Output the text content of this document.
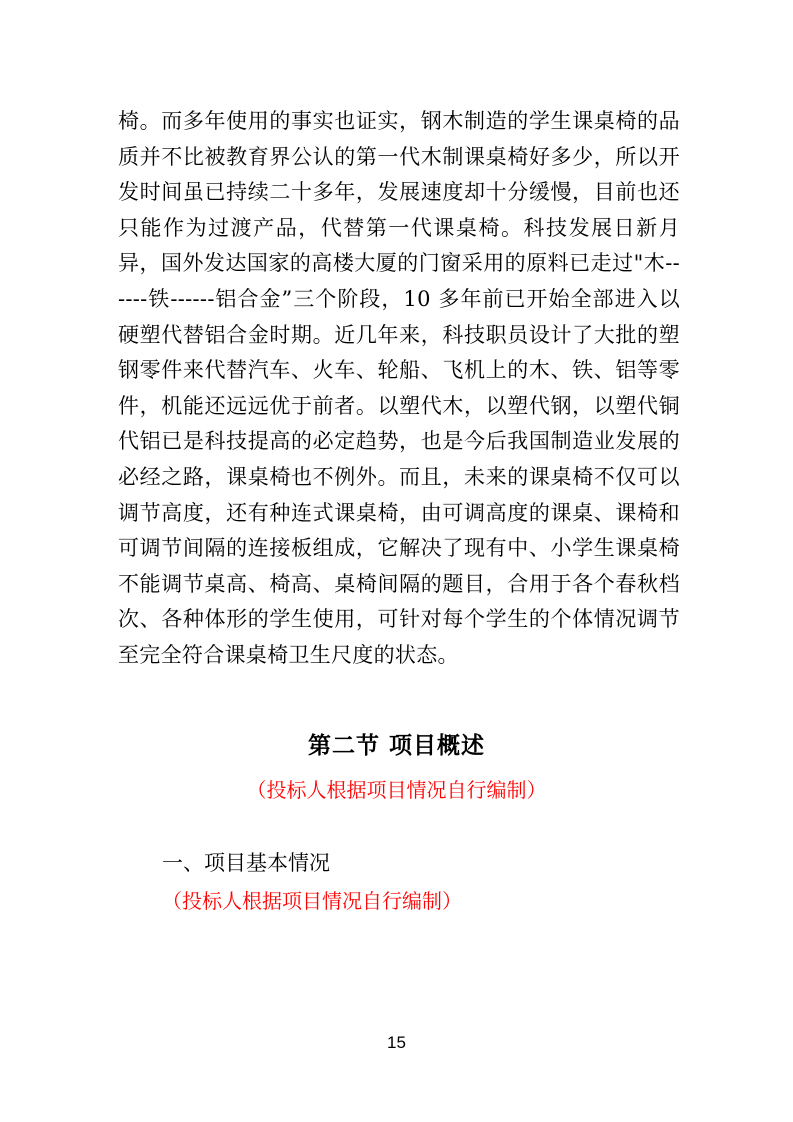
椅。而多年使用的事实也证实，钢木制造的学生课桌椅的品质并不比被教育界公认的第一代木制课桌椅好多少，所以开发时间虽已持续二十多年，发展速度却十分缓慢，目前也还只能作为过渡产品，代替第一代课桌椅。科技发展日新月异，国外发达国家的高楼大厦的门窗采用的原料已走过"木------铁------铝合金”三个阶段，10 多年前已开始全部进入以硬塑代替铝合金时期。近几年来，科技职员设计了大批的塑钢零件来代替汽车、火车、轮船、飞机上的木、铁、铝等零件，机能还远远优于前者。以塑代木，以塑代钢，以塑代铜代铝已是科技提高的必定趋势，也是今后我国制造业发展的必经之路，课桌椅也不例外。而且，未来的课桌椅不仅可以调节高度，还有种连式课桌椅，由可调高度的课桌、课椅和可调节间隔的连接板组成，它解决了现有中、小学生课桌椅不能调节桌高、椅高、桌椅间隔的题目，合用于各个春秋档次、各种体形的学生使用，可针对每个学生的个体情况调节至完全符合课桌椅卫生尺度的状态。

第二节 项目概述

（投标人根据项目情况自行编制）

一、项目基本情况

（投标人根据项目情况自行编制）

15
